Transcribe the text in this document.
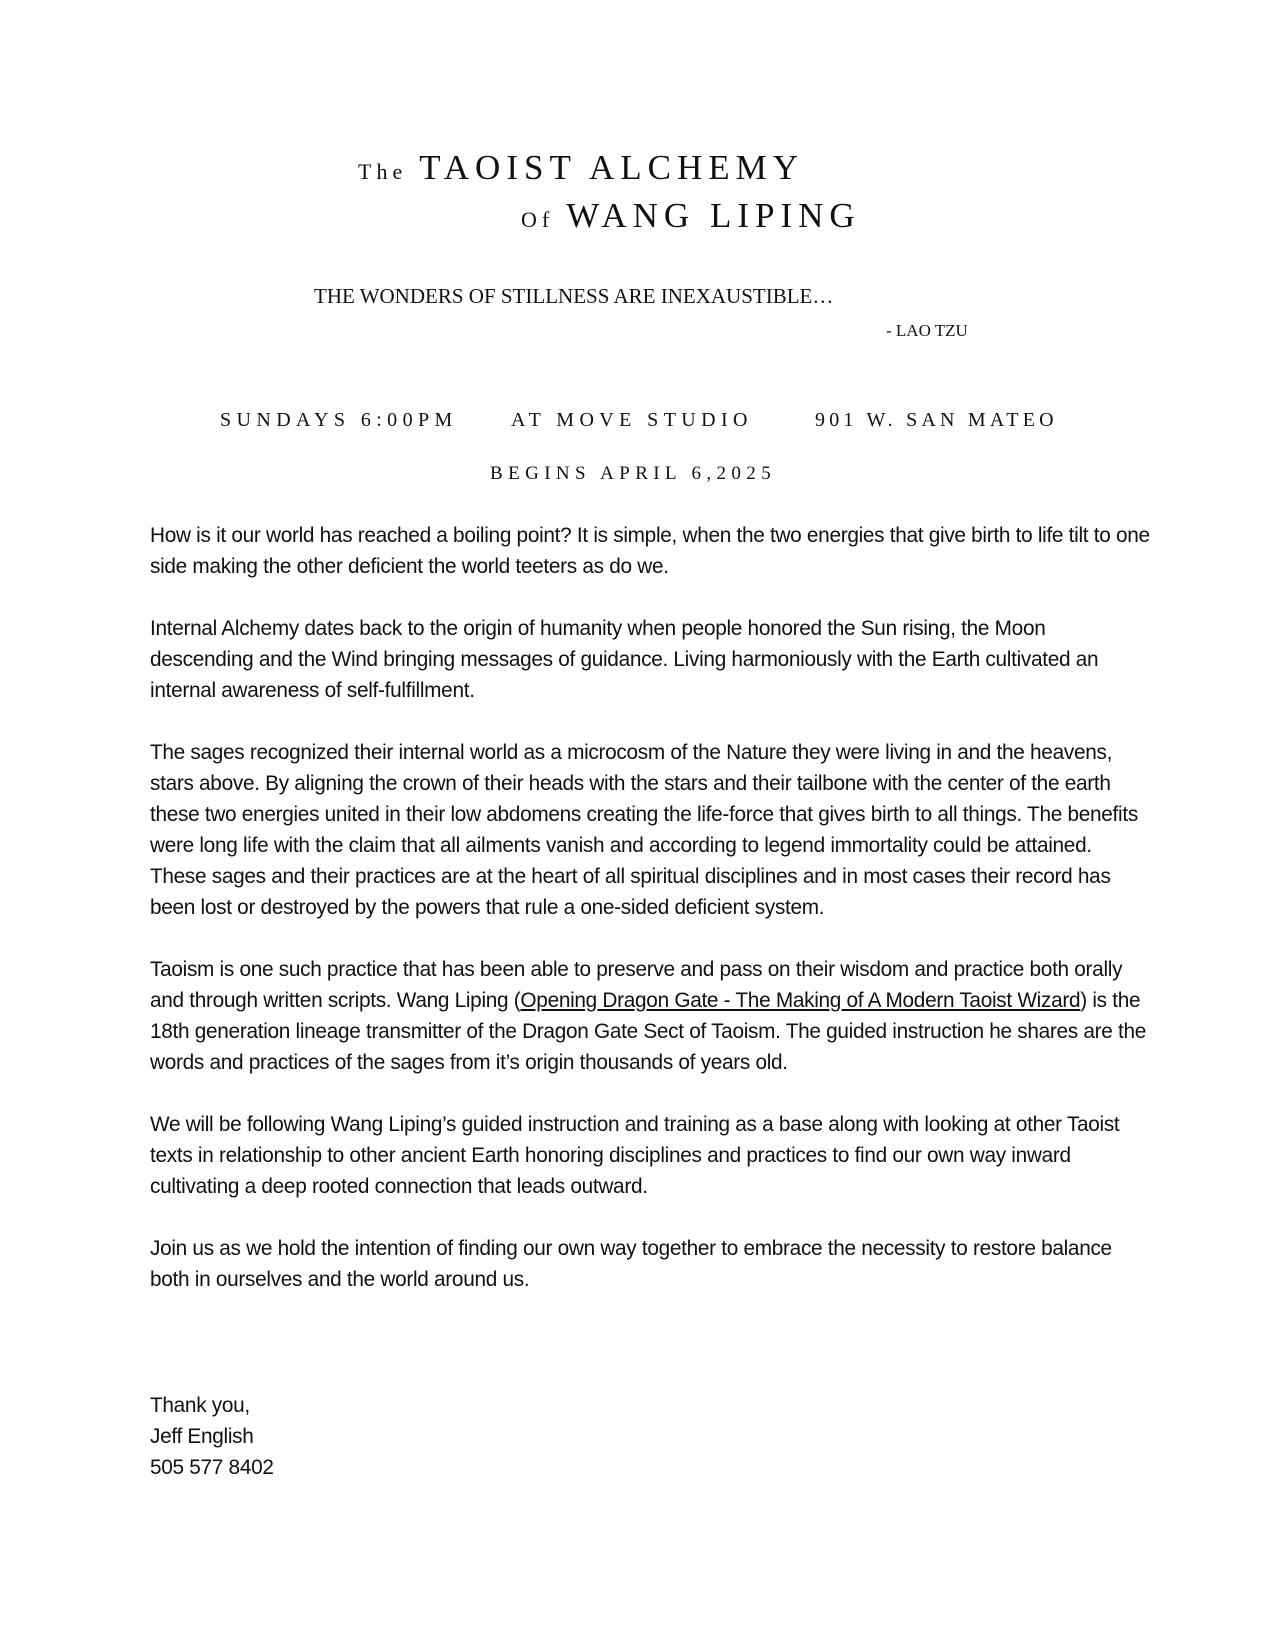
The TAOIST ALCHEMY
Of WANG LIPING
THE WONDERS OF STILLNESS ARE INEXAUSTIBLE…
- LAO TZU
SUNDAYS 6:00PM	AT MOVE STUDIO	901 W. SAN MATEO
BEGINS APRIL 6,2025

How is it our world has reached a boiling point? It is simple, when the two energies that give birth to life tilt to one side making the other deficient the world teeters as do we.

Internal Alchemy dates back to the origin of humanity when people honored the Sun rising, the Moon descending and the Wind bringing messages of guidance. Living harmoniously with the Earth cultivated an internal awareness of self-fulfillment.

The sages recognized their internal world as a microcosm of the Nature they were living in and the heavens, stars above. By aligning the crown of their heads with the stars and their tailbone with the center of the earth these two energies united in their low abdomens creating the life-force that gives birth to all things. The benefits were long life with the claim that all ailments vanish and according to legend immortality could be attained. These sages and their practices are at the heart of all spiritual disciplines and in most cases their record has been lost or destroyed by the powers that rule a one-sided deficient system.

Taoism is one such practice that has been able to preserve and pass on their wisdom and practice both orally and through written scripts. Wang Liping (Opening Dragon Gate - The Making of A Modern Taoist Wizard) is the 18th generation lineage transmitter of the Dragon Gate Sect of Taoism. The guided instruction he shares are the words and practices of the sages from it’s origin thousands of years old.

We will be following Wang Liping’s guided instruction and training as a base along with looking at other Taoist texts in relationship to other ancient Earth honoring disciplines and practices to find our own way inward cultivating a deep rooted connection that leads outward.

Join us as we hold the intention of finding our own way together to embrace the necessity to restore balance both in ourselves and the world around us.

Thank you,
Jeff English
505 577 8402
